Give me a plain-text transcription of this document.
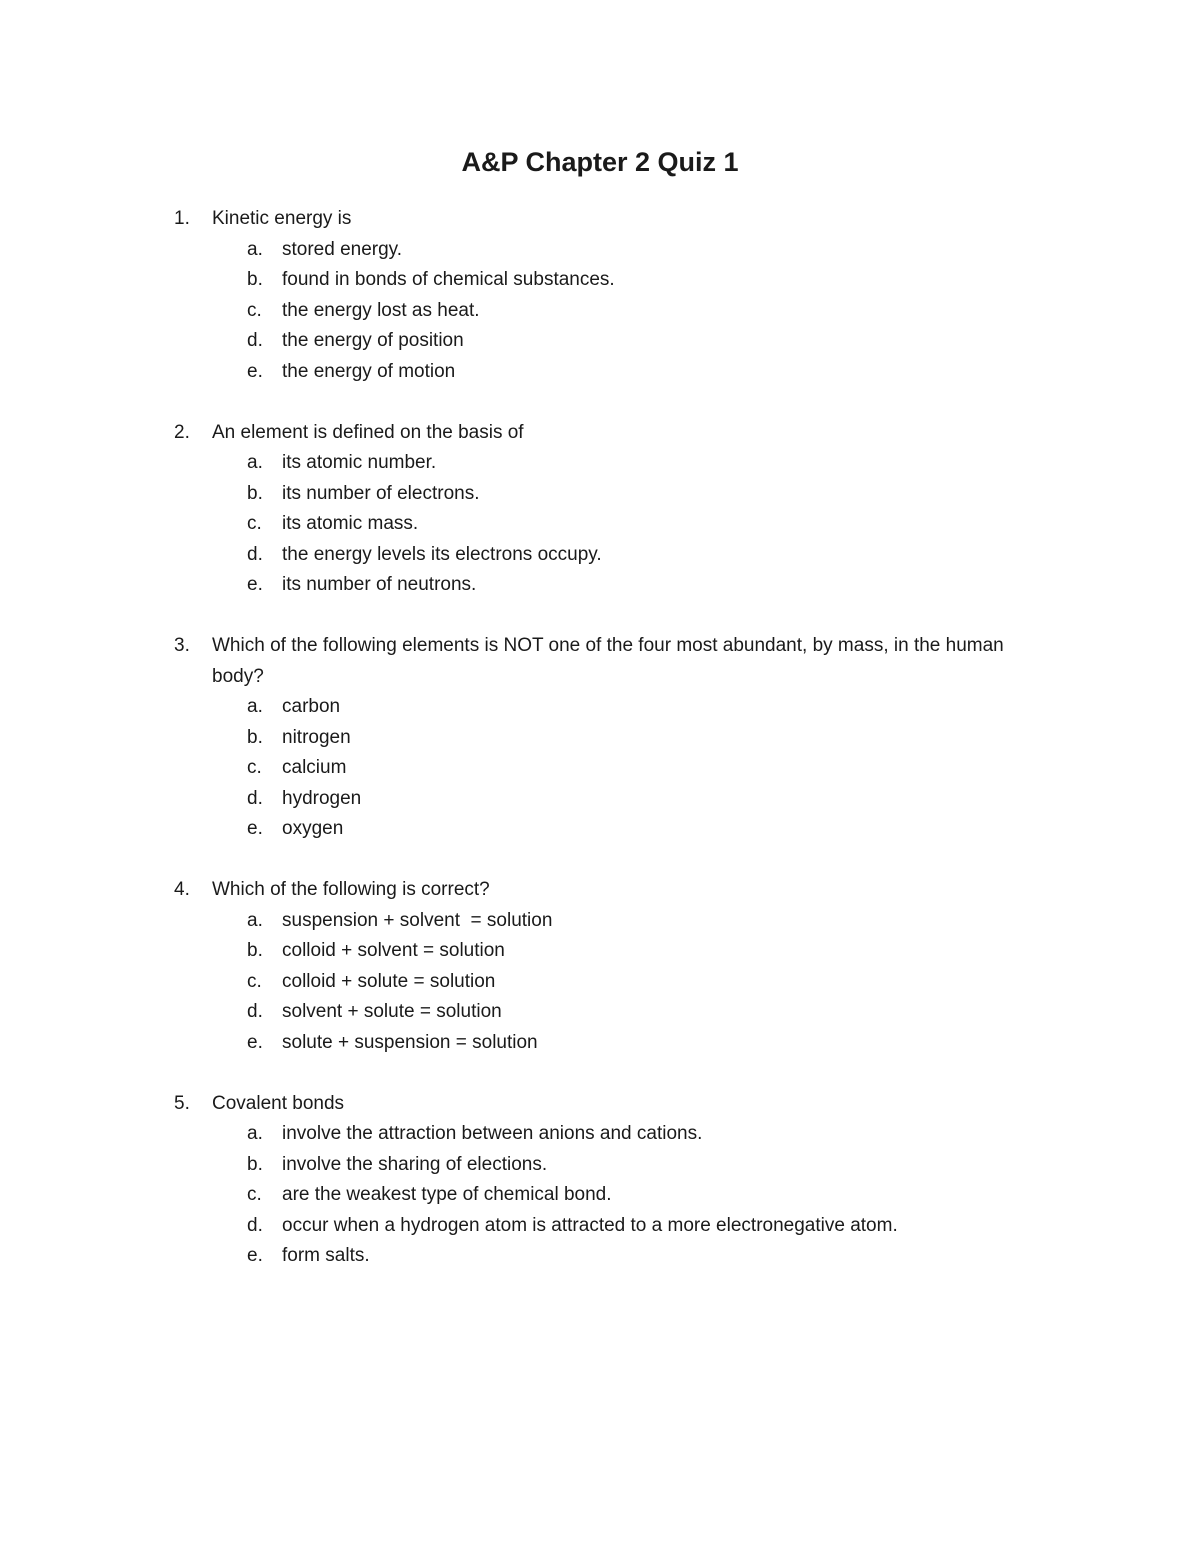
A&P Chapter 2 Quiz 1
1. Kinetic energy is
a. stored energy.
b. found in bonds of chemical substances.
c. the energy lost as heat.
d. the energy of position
e. the energy of motion
2. An element is defined on the basis of
a. its atomic number.
b. its number of electrons.
c. its atomic mass.
d. the energy levels its electrons occupy.
e. its number of neutrons.
3. Which of the following elements is NOT one of the four most abundant, by mass, in the human body?
a. carbon
b. nitrogen
c. calcium
d. hydrogen
e. oxygen
4. Which of the following is correct?
a. suspension + solvent  = solution
b. colloid + solvent = solution
c. colloid + solute = solution
d. solvent + solute = solution
e. solute + suspension = solution
5. Covalent bonds
a. involve the attraction between anions and cations.
b. involve the sharing of elections.
c. are the weakest type of chemical bond.
d. occur when a hydrogen atom is attracted to a more electronegative atom.
e. form salts.
